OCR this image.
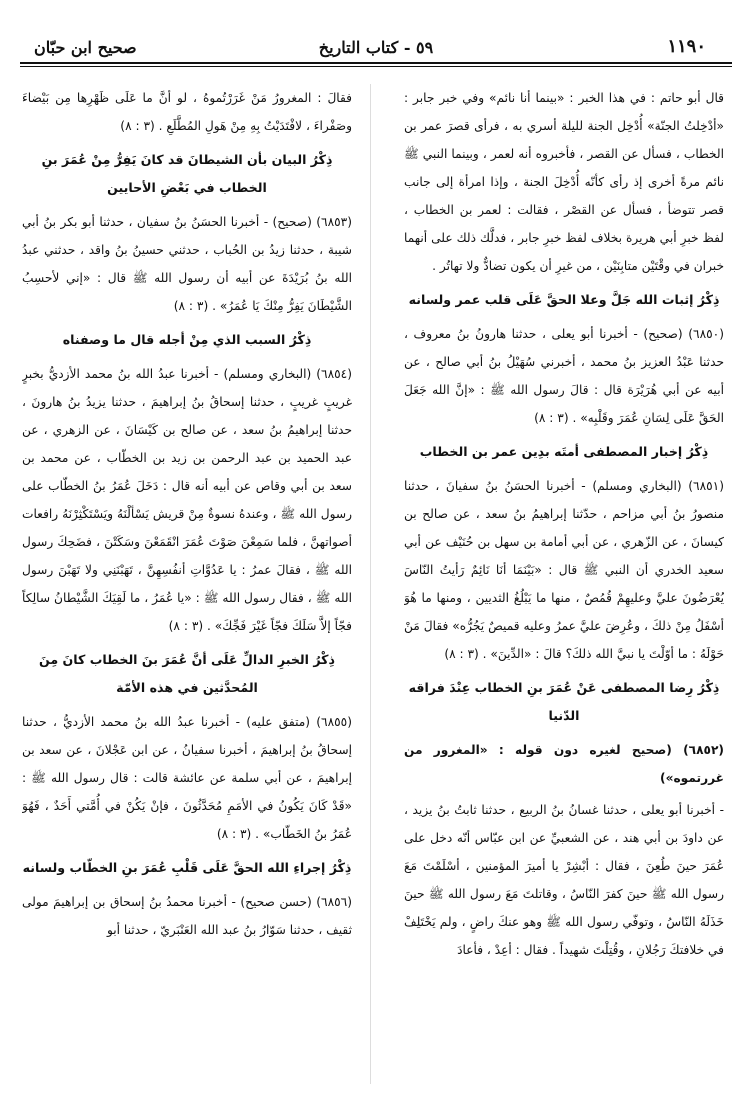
صحيح ابن حبّان	٥٩ - كتاب التاريخ	١١٩٠

قال أبو حاتم : في هذا الخبر : «بينما أنا نائم» وفي خبر جابر : «أدْخِلتُ الجنّة» أُدْخِل الجنة لليلة أسري به ، فرأى قصرَ عمر بن الخطاب ، فسأل عن القصر ، فأخبروه أنه لعمر ، وبينما النبي ﷺ نائم مرةً أخرى إذ رأى كأنّه أُدْخِلَ الجنة ، وإذا امرأة إلى جانب قصر تتوضأ ، فسأل عن القصْر ، فقالت : لعمر بن الخطاب ، لفظ خبرِ أبي هريرة بخلاف لفظ خبرِ جابر ، فدلَّك ذلك على أنهما خبران في وقْتَيْن متابِنَيْن ، من غيرِ أن يكون تضادٌّ ولا تهاتُر .

ذِكْرُ إثبات الله جَلَّ وعلا الحقَّ عَلَى قلب عمر ولسانه

(٦٨٥٠) (صحيح) - أخبرنا أبو يعلى ، حدثنا هارونُ بنُ معروف ، حدثنا عَبْدُ العزيز بنُ محمد ، أخبرني سُهَيْلُ بنُ أبي صالح ، عن أبيه عن أبي هُرَيْرَة قال : قالَ رسول الله ﷺ : «إنَّ الله جَعَلَ الحَقَّ عَلَى لِسَانِ عُمَرَ وقَلْبِه» . (٣ : ٨)

ذِكْرُ إخبار المصطفى أمتَه بدِين عمر بن الخطاب

(٦٨٥١) (البخاري ومسلم) - أخبرنا الحسَنُ بنُ سفيانَ ، حدثنا منصورُ بنُ أبي مزاحم ، حدّثنا إبراهيمُ بنُ سعد ، عن صالح بن كيسانَ ، عن الزّهري ، عن أبي أمامة بن سهل بن حُنَيْف عن أبي سعيد الخدري أن النبي ﷺ قال : «بَيْنَمَا أنَا نَائِمٌ رَأيتُ النّاسَ يُعْرَضُونَ عليَّ وعليهِمْ قُمُصٌ ، منها ما يَبْلُغُ الثديين ، ومنها ما هُوَ أسْفَلُ مِنْ ذلكَ ، وعُرِضَ عليَّ عمرُ وعليه قميصٌ يَجُرُّه» فقالَ مَنْ حَوْلَهُ : ما أوّلْتَ يا نبيَّ الله ذلكَ؟ قالَ : «الدِّينَ» . (٣ : ٨)

ذِكْرُ رِضا المصطفى عَنْ عُمَرَ بنِ الخطاب عِنْدَ فراقه الدّنيا

(٦٨٥٢) (صحيح لغيره دون قوله : «المغرور من غررتموه»)

- أخبرنا أبو يعلى ، حدثنا غسانُ بنُ الربيع ، حدثنا ثابتُ بنُ يزيد ، عن داودَ بن أبي هند ، عن الشعبيِّ عن ابن عبّاس أنّه دخل على عُمَرَ حينَ طُعِنَ ، فقال : أبْشِرْ يا أميرَ المؤمنين ، أسْلَمْتَ مَعَ رسول الله ﷺ حينَ كفرَ النّاسُ ، وقاتلتَ مَعَ رسول الله ﷺ حينَ خَذَلَهُ النّاسُ ، وتوفّي رسول الله ﷺ وهو عنكَ راضٍ ، ولم يَخْتَلِفْ في خلافتكَ رَجُلانِ ، وقُتِلْتَ شهيداً . فقال : أعِدْ ، فأعادَ

فقالَ : المغرورُ مَنْ غَرَرْتُموهُ ، لو أنَّ ما عَلَى ظَهْرِها مِن بَيْضاءَ وصَفْراءَ ، لافْتَدَيْتُ بِهِ مِنْ هَولِ المُطَّلَعِ . (٣ : ٨)

ذِكْرُ البيان بأن الشيطانَ قد كانَ يَفِرُّ مِنْ عُمَرَ بنِ الخطاب في بَعْضِ الأحايين

(٦٨٥٣) (صحيح) - أخبرنا الحسَنُ بنُ سفيان ، حدثنا أبو بكر بنُ أبي شيبة ، حدثنا زيدُ بن الحُباب ، حدثني حسينُ بنُ واقد ، حدثني عبدُ الله بنُ بُرَيْدَةَ عن أبيه أن رسول الله ﷺ قال : «إني لأحسِبُ الشَّيْطَانَ يَفِرُّ مِنْكَ يَا عُمَرُ» . (٣ : ٨)

ذِكْرُ السبب الذي مِنْ أجله قال ما وصفناه

(٦٨٥٤) (البخاري ومسلم) - أخبرنا عبدُ الله بنُ محمد الأزديُّ بخبرٍ غريبٍ غريبٍ ، حدثنا إسحاقُ بنُ إبراهيمَ ، حدثنا يزيدُ بنُ هارونَ ، حدثنا إبراهيمُ بنُ سعد ، عن صالح بن كَيْسَانَ ، عن الزهري ، عن عبد الحميد بن عبد الرحمن بن زيد بن الخطّاب ، عن محمد بن سعد بن أبي وقاص عن أبيه أنه قال : دَخَلَ عُمَرُ بنُ الخطّاب على رسول الله ﷺ ، وعندهُ نسوةٌ مِنْ قريش يَسْألْنَهُ ويَسْتَكْثِرْنَهُ رافعات أصواتهنَّ ، فلما سَمِعْنَ صَوْتَ عُمَرَ انْقَمَعْنَ وسَكَتْنَ ، فضَحِكَ رسول الله ﷺ ، فقالَ عمرُ : يا عَدُوَّاتِ أنفُسِهِنَّ ، تَهَبْنَنِي ولا تَهَبْنَ رسول الله ﷺ ، فقال رسول الله ﷺ : «يا عُمَرُ ، ما لَقِيَكَ الشَّيْطانُ سالِكاً فجّاً إلاَّ سَلَكَ فجّاً غَيْرَ فَجِّكَ» . (٣ : ٨)

ذِكْرُ الخبرِ الدالِّ عَلَى أنَّ عُمَرَ بنَ الخطاب كانَ مِنَ المُحدَّثين في هذه الأمّة

(٦٨٥٥) (متفق عليه) - أخبرنا عبدُ الله بنُ محمد الأزديُّ ، حدثنا إسحاقُ بنُ إبراهيمَ ، أخبرنا سفيانُ ، عن ابن عَجْلانَ ، عن سعد بن إبراهيمَ ، عن أبي سلمة عن عائشة قالت : قال رسول الله ﷺ : «قَدْ كَانَ يَكُونُ في الأمَمِ مُحَدَّثُونَ ، فإنْ يَكُنْ في أُمَّتي أَحَدٌ ، فَهُوَ عُمَرُ بنُ الخَطّاب» . (٣ : ٨)

ذِكْرُ إجراءِ الله الحقَّ عَلَى قَلْبِ عُمَرَ بنِ الخطّاب ولسانه

(٦٨٥٦) (حسن صحيح) - أخبرنا محمدُ بنُ إسحاق بن إبراهيمَ مولى ثقيف ، حدثنا سَوّارُ بنُ عبد الله العَنْبَريّ ، حدثنا أبو
